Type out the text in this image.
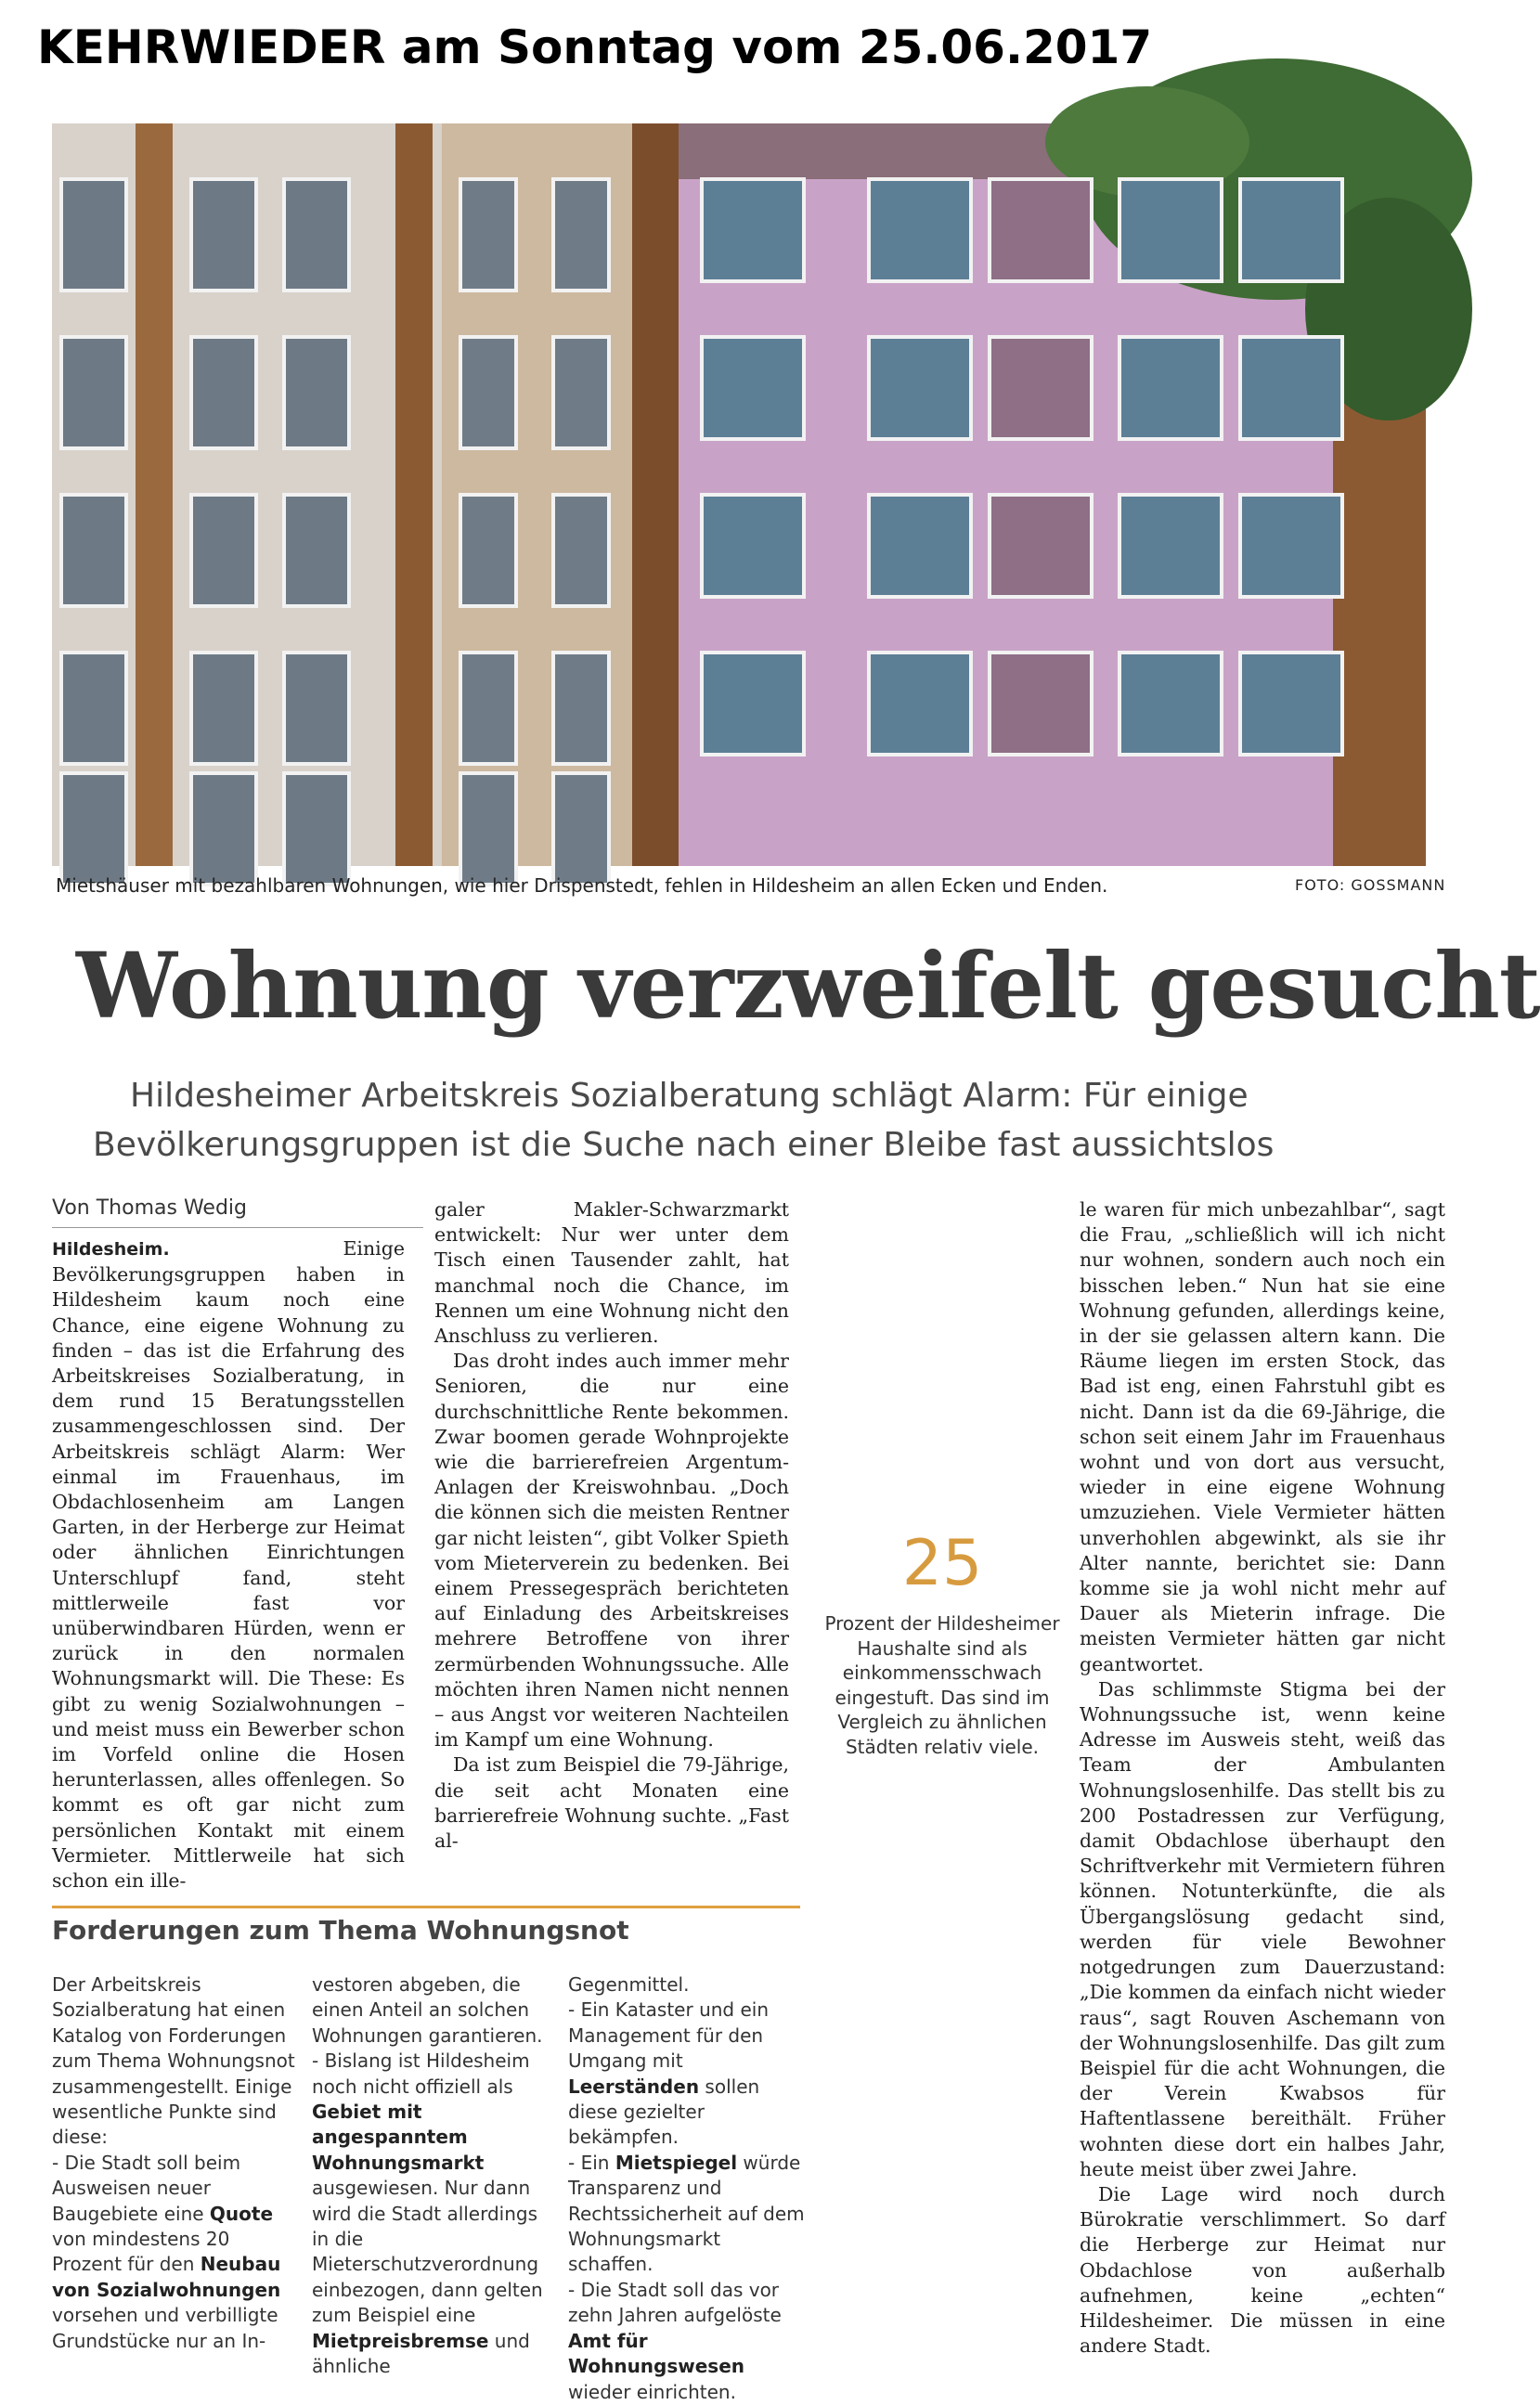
KEHRWIEDER am Sonntag vom 25.06.2017
Mietshäuser mit bezahlbaren Wohnungen, wie hier Drispenstedt, fehlen in Hildesheim an allen Ecken und Enden.	FOTO: GOSSMANN
Wohnung verzweifelt gesucht
Hildesheimer Arbeitskreis Sozialberatung schlägt Alarm: Für einige
Bevölkerungsgruppen ist die Suche nach einer Bleibe fast aussichtslos
Von Thomas Wedig

Hildesheim.	Einige Bevölkerungsgruppen haben in Hildesheim kaum noch eine Chance, eine eigene Wohnung zu finden – das ist die Erfahrung des Arbeitskreises Sozialberatung, in dem rund 15 Beratungsstellen zusammengeschlossen sind. Der Arbeitskreis schlägt Alarm: Wer einmal im Frauenhaus, im Obdachlosenheim am Langen Garten, in der Herberge zur Heimat oder ähnlichen Einrichtungen Unterschlupf fand, steht mittlerweile fast vor unüberwindbaren Hürden, wenn er zurück in den normalen Wohnungsmarkt will. Die These: Es gibt zu wenig Sozialwohnungen – und meist muss ein Bewerber schon im Vorfeld online die Hosen herunterlassen, alles offenlegen. So kommt es oft gar nicht zum persönlichen Kontakt mit einem Vermieter. Mittlerweile hat sich schon ein ille-

galer Makler-Schwarzmarkt entwickelt: Nur wer unter dem Tisch einen Tausender zahlt, hat manchmal noch die Chance, im Rennen um eine Wohnung nicht den Anschluss zu verlieren.

Das droht indes auch immer mehr Senioren, die nur eine durchschnittliche Rente bekommen. Zwar boomen gerade Wohnprojekte wie die barrierefreien Argentum-Anlagen der Kreiswohnbau. „Doch die können sich die meisten Rentner gar nicht leisten“, gibt Volker Spieth vom Mieterverein zu bedenken. Bei einem Pressegespräch berichteten auf Einladung des Arbeitskreises mehrere Betroffene von ihrer zermürbenden Wohnungssuche. Alle möchten ihren Namen nicht nennen – aus Angst vor weiteren Nachteilen im Kampf um eine Wohnung.

Da ist zum Beispiel die 79-Jährige, die seit acht Monaten eine barrierefreie Wohnung suchte. „Fast al-

le waren für mich unbezahlbar“, sagt die Frau, „schließlich will ich nicht nur wohnen, sondern auch noch ein bisschen leben.“ Nun hat sie eine Wohnung gefunden, allerdings keine, in der sie gelassen altern kann. Die Räume liegen im ersten Stock, das Bad ist eng, einen Fahrstuhl gibt es nicht. Dann ist da die 69-Jährige, die schon seit einem Jahr im Frauenhaus wohnt und von dort aus versucht, wieder in eine eigene Wohnung umzuziehen. Viele Vermieter hätten unverhohlen abgewinkt, als sie ihr Alter nannte, berichtet sie: Dann komme sie ja wohl nicht mehr auf Dauer als Mieterin infrage. Die meisten Vermieter hätten gar nicht geantwortet.

Das schlimmste Stigma bei der Wohnungssuche ist, wenn keine Adresse im Ausweis steht, weiß das Team der Ambulanten Wohnungslosenhilfe. Das stellt bis zu 200 Postadressen zur Verfügung, damit Obdachlose überhaupt den Schriftverkehr mit Vermietern führen können. Notunterkünfte, die als Übergangslösung gedacht sind, werden für viele Bewohner notgedrungen zum Dauerzustand: „Die kommen da einfach nicht wieder raus“, sagt Rouven Aschemann von der Wohnungslosenhilfe. Das gilt zum Beispiel für die acht Wohnungen, die der Verein Kwabsos für Haftentlassene bereithält. Früher wohnten diese dort ein halbes Jahr, heute meist über zwei Jahre.

Die Lage wird noch durch Bürokratie verschlimmert. So darf die Herberge zur Heimat nur Obdachlose von außerhalb aufnehmen, keine „echten“ Hildesheimer. Die müssen in eine andere Stadt.

25
Prozent der Hildesheimer Haushalte sind als einkommensschwach eingestuft. Das sind im Vergleich zu ähnlichen Städten relativ viele.
Forderungen zum Thema Wohnungsnot
Der Arbeitskreis Sozialberatung hat einen Katalog von Forderungen zum Thema Wohnungsnot zusammengestellt. Einige wesentliche Punkte sind diese:
- Die Stadt soll beim Ausweisen neuer Baugebiete eine Quote von mindestens 20 Prozent für den Neubau von Sozialwohnungen vorsehen und verbilligte Grundstücke nur an In-
vestoren abgeben, die einen Anteil an solchen Wohnungen garantieren.
- Bislang ist Hildesheim noch nicht offiziell als Gebiet mit angespanntem Wohnungsmarkt ausgewiesen. Nur dann wird die Stadt allerdings in die Mieterschutzverordnung einbezogen, dann gelten zum Beispiel eine Mietpreisbremse und ähnliche
Gegenmittel.
- Ein Kataster und ein Management für den Umgang mit Leerständen sollen diese gezielter bekämpfen.
- Ein Mietspiegel würde Transparenz und Rechtssicherheit auf dem Wohnungsmarkt schaffen.
- Die Stadt soll das vor zehn Jahren aufgelöste Amt für Wohnungswesen wieder einrichten.
